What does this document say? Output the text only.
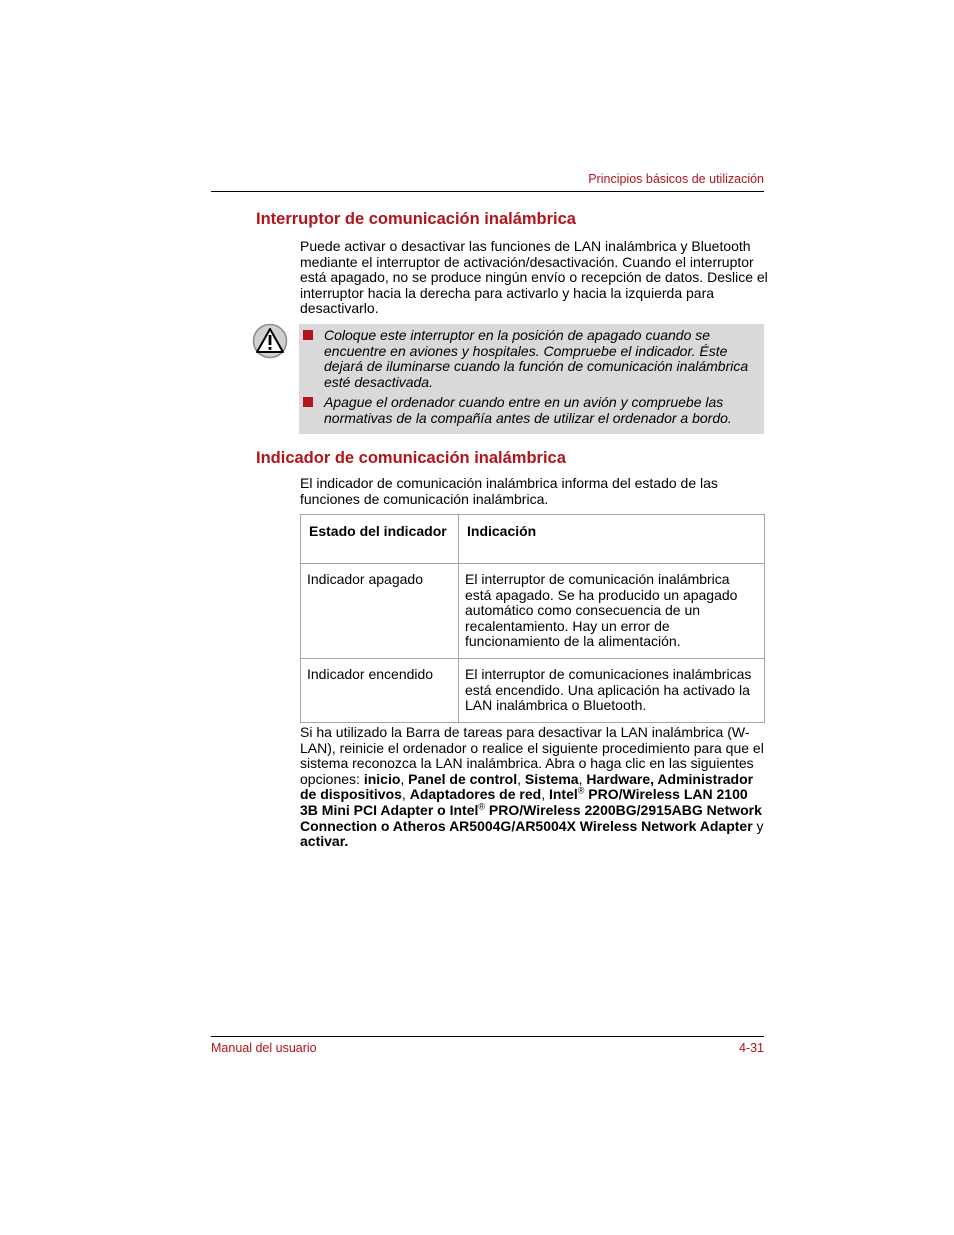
Principios básicos de utilización
Interruptor de comunicación inalámbrica
Puede activar o desactivar las funciones de LAN inalámbrica y Bluetooth mediante el interruptor de activación/desactivación. Cuando el interruptor está apagado, no se produce ningún envío o recepción de datos. Deslice el interruptor hacia la derecha para activarlo y hacia la izquierda para desactivarlo.
Coloque este interruptor en la posición de apagado cuando se encuentre en aviones y hospitales. Compruebe el indicador. Éste dejará de iluminarse cuando la función de comunicación inalámbrica esté desactivada.
Apague el ordenador cuando entre en un avión y compruebe las normativas de la compañía antes de utilizar el ordenador a bordo.
Indicador de comunicación inalámbrica
El indicador de comunicación inalámbrica informa del estado de las funciones de comunicación inalámbrica.
Estado del indicador	Indicación
Indicador apagado	El interruptor de comunicación inalámbrica está apagado. Se ha producido un apagado automático como consecuencia de un recalentamiento. Hay un error de funcionamiento de la alimentación.
Indicador encendido	El interruptor de comunicaciones inalámbricas está encendido. Una aplicación ha activado la LAN inalámbrica o Bluetooth.
Si ha utilizado la Barra de tareas para desactivar la LAN inalámbrica (W-LAN), reinicie el ordenador o realice el siguiente procedimiento para que el sistema reconozca la LAN inalámbrica. Abra o haga clic en las siguientes opciones: inicio, Panel de control, Sistema, Hardware, Administrador de dispositivos, Adaptadores de red, Intel® PRO/Wireless LAN 2100 3B Mini PCI Adapter o Intel® PRO/Wireless 2200BG/2915ABG Network Connection o Atheros AR5004G/AR5004X Wireless Network Adapter y activar.
Manual del usuario	4-31
